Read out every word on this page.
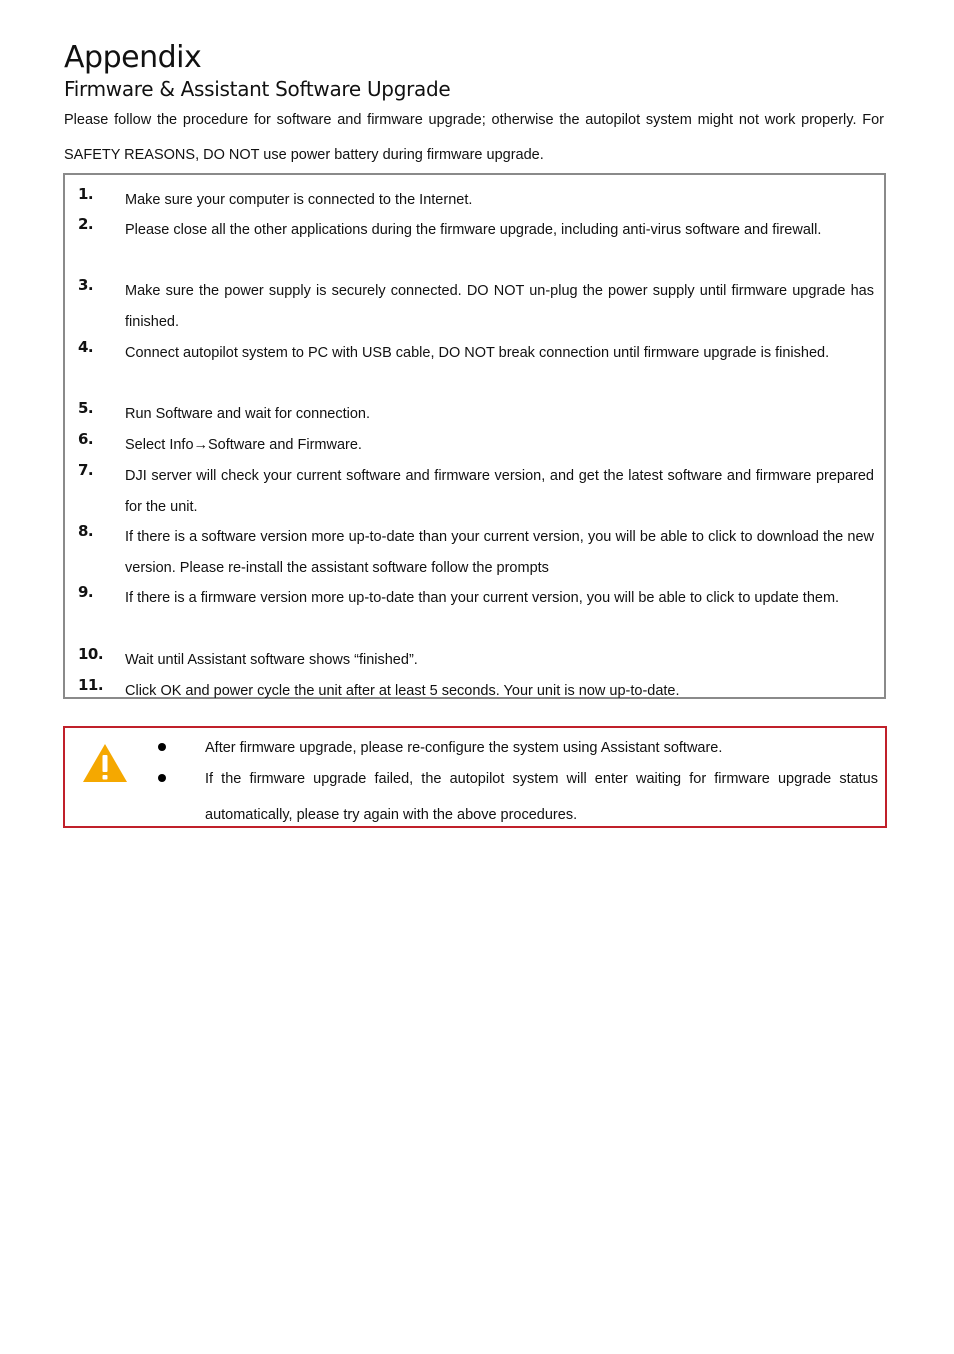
Appendix
Firmware & Assistant Software Upgrade
Please follow the procedure for software and firmware upgrade; otherwise the autopilot system might not work properly. For SAFETY REASONS, DO NOT use power battery during firmware upgrade.
1. Make sure your computer is connected to the Internet.
2. Please close all the other applications during the firmware upgrade, including anti-virus software and firewall.
3. Make sure the power supply is securely connected. DO NOT un-plug the power supply until firmware upgrade has finished.
4. Connect autopilot system to PC with USB cable, DO NOT break connection until firmware upgrade is finished.
5. Run Software and wait for connection.
6. Select Info→Software and Firmware.
7. DJI server will check your current software and firmware version, and get the latest software and firmware prepared for the unit.
8. If there is a software version more up-to-date than your current version, you will be able to click to download the new version. Please re-install the assistant software follow the prompts
9. If there is a firmware version more up-to-date than your current version, you will be able to click to update them.
10. Wait until Assistant software shows “finished”.
11. Click OK and power cycle the unit after at least 5 seconds. Your unit is now up-to-date.
After firmware upgrade, please re-configure the system using Assistant software.
If the firmware upgrade failed, the autopilot system will enter waiting for firmware upgrade status automatically, please try again with the above procedures.
